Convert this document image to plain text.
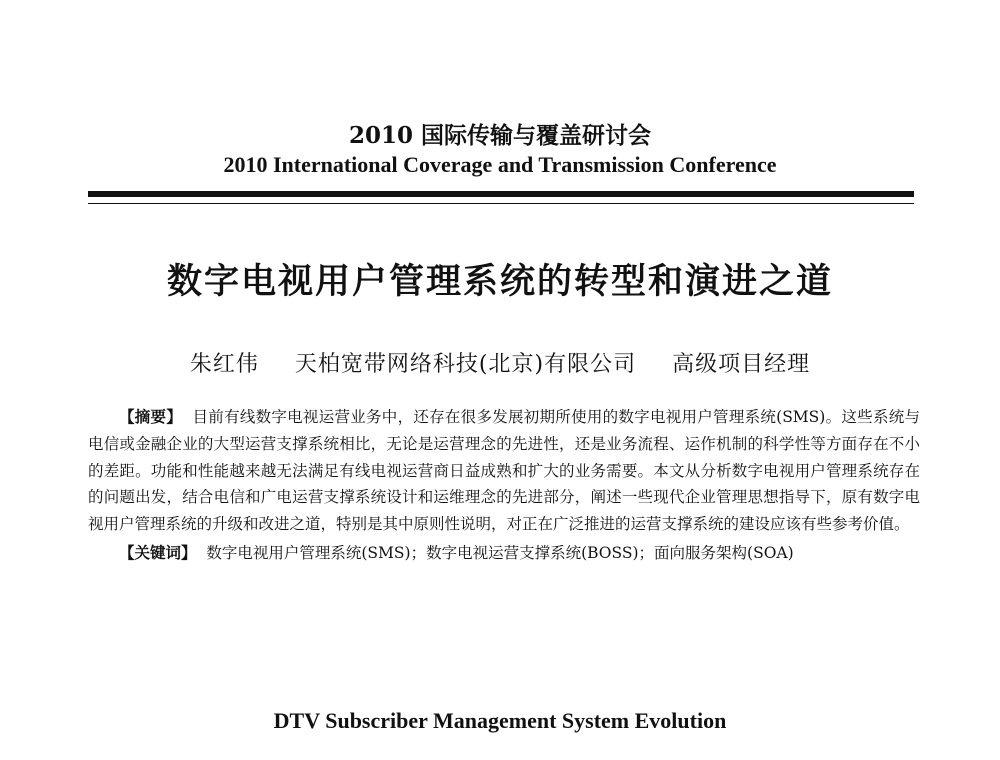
2010 国际传输与覆盖研讨会
2010 International Coverage and Transmission Conference
数字电视用户管理系统的转型和演进之道
朱红伟 天柏宽带网络科技(北京)有限公司 高级项目经理

【摘要】 目前有线数字电视运营业务中，还存在很多发展初期所使用的数字电视用户管理系统(SMS)。这些系统与电信或金融企业的大型运营支撑系统相比，无论是运营理念的先进性，还是业务流程、运作机制的科学性等方面存在不小的差距。功能和性能越来越无法满足有线电视运营商日益成熟和扩大的业务需要。本文从分析数字电视用户管理系统存在的问题出发，结合电信和广电运营支撑系统设计和运维理念的先进部分，阐述一些现代企业管理思想指导下，原有数字电视用户管理系统的升级和改进之道，特别是其中原则性说明，对正在广泛推进的运营支撑系统的建设应该有些参考价值。

【关键词】 数字电视用户管理系统(SMS)；数字电视运营支撑系统(BOSS)；面向服务架构(SOA)

DTV Subscriber Management System Evolution
